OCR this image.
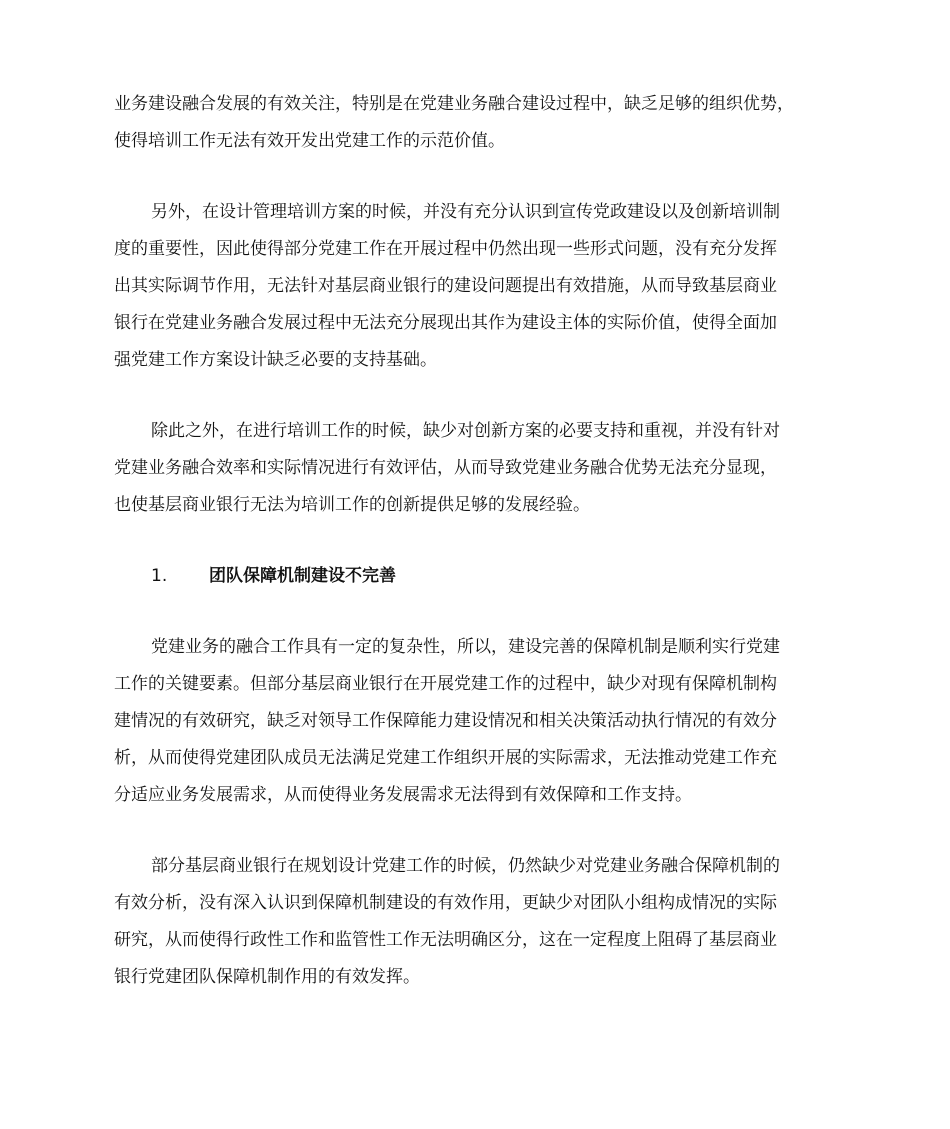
业务建设融合发展的有效关注，特别是在党建业务融合建设过程中，缺乏足够的组织优势，
使得培训工作无法有效开发出党建工作的示范价值。
另外，在设计管理培训方案的时候，并没有充分认识到宣传党政建设以及创新培训制
度的重要性，因此使得部分党建工作在开展过程中仍然出现一些形式问题，没有充分发挥
出其实际调节作用，无法针对基层商业银行的建设问题提出有效措施，从而导致基层商业
银行在党建业务融合发展过程中无法充分展现出其作为建设主体的实际价值，使得全面加
强党建工作方案设计缺乏必要的支持基础。
除此之外，在进行培训工作的时候，缺少对创新方案的必要支持和重视，并没有针对
党建业务融合效率和实际情况进行有效评估，从而导致党建业务融合优势无法充分显现，
也使基层商业银行无法为培训工作的创新提供足够的发展经验。
1. 团队保障机制建设不完善
党建业务的融合工作具有一定的复杂性，所以，建设完善的保障机制是顺利实行党建
工作的关键要素。但部分基层商业银行在开展党建工作的过程中，缺少对现有保障机制构
建情况的有效研究，缺乏对领导工作保障能力建设情况和相关决策活动执行情况的有效分
析，从而使得党建团队成员无法满足党建工作组织开展的实际需求，无法推动党建工作充
分适应业务发展需求，从而使得业务发展需求无法得到有效保障和工作支持。
部分基层商业银行在规划设计党建工作的时候，仍然缺少对党建业务融合保障机制的
有效分析，没有深入认识到保障机制建设的有效作用，更缺少对团队小组构成情况的实际
研究，从而使得行政性工作和监管性工作无法明确区分，这在一定程度上阻碍了基层商业
银行党建团队保障机制作用的有效发挥。
